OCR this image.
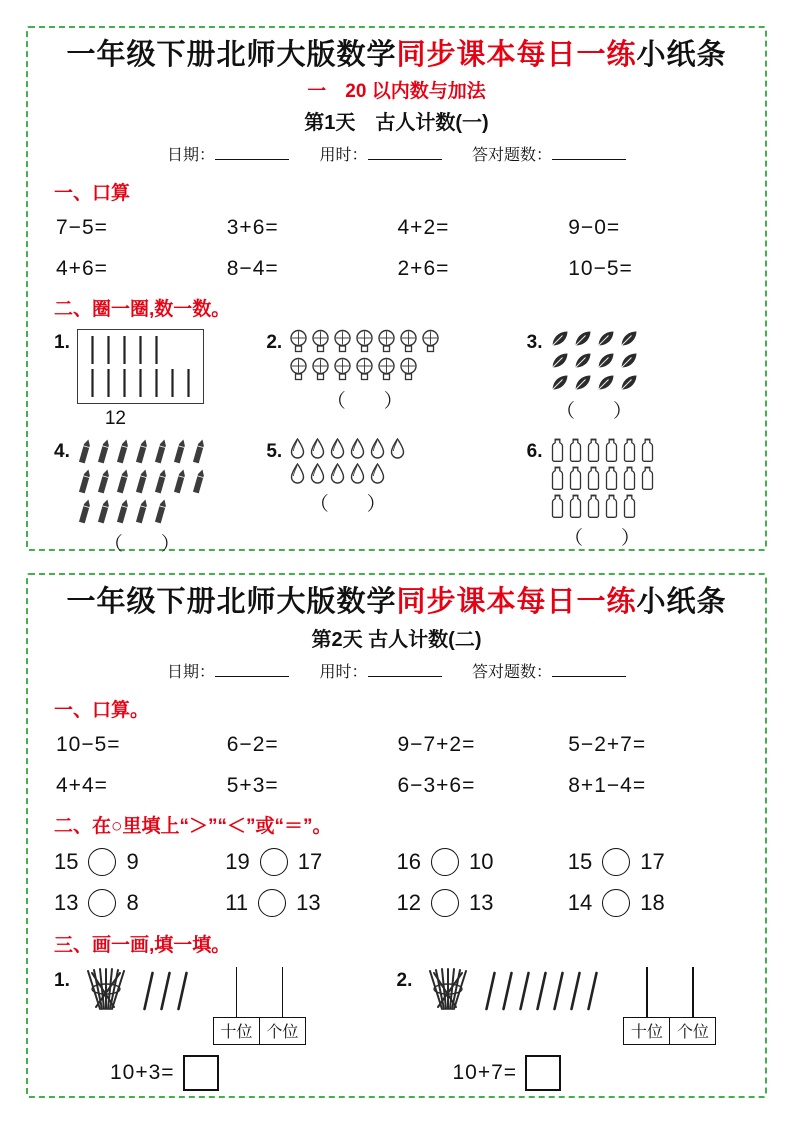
一年级下册北师大版数学同步课本每日一练小纸条
一　20 以内数与加法
第1天　古人计数(一)
日期：	用时：	答对题数：
一、口算
7−5=	3+6=	4+2=	9−0=
4+6=	8−4=	2+6=	10−5=
二、圈一圈,数一数。
1.
12
2.
（　　）
3.
（　　）
4.
（　　）
5.
（　　）
6.
（　　）
一年级下册北师大版数学同步课本每日一练小纸条
第2天 古人计数(二)
日期：	用时：	答对题数：
一、口算。
10−5=	6−2=	9−7+2=	5−2+7=
4+4=	5+3=	6−3+6=	8+1−4=
二、在○里填上“＞”“＜”或“＝”。
15 9	19 17	16 10	15 17
13 8	11 13	12 13	14 18
三、画一画,填一填。
1.
十位	个位
10+3=
2.
十位	个位
10+7=
